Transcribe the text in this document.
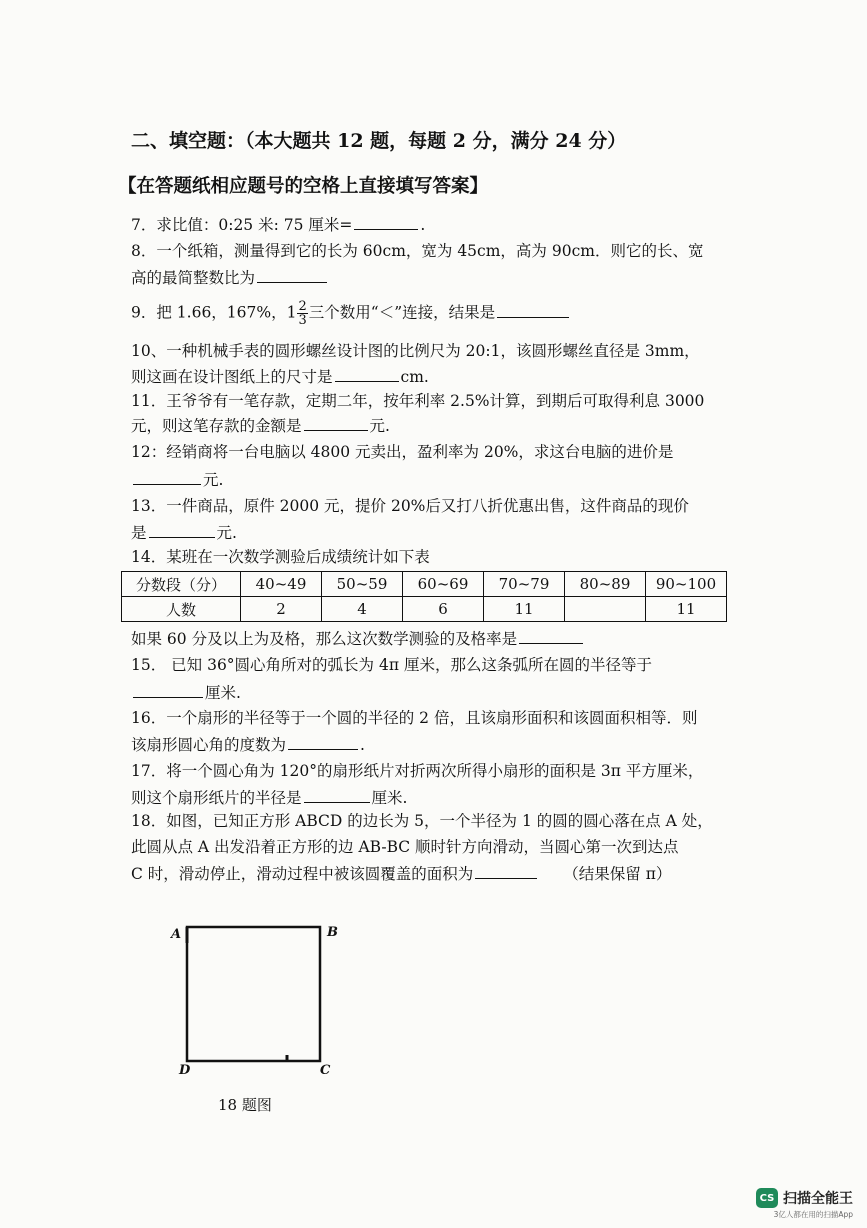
二、填空题：（本大题共 12 题，每题 2 分，满分 24 分）
【在答题纸相应题号的空格上直接填写答案】
7．求比值：0:25 米: 75 厘米=	.
8．一个纸箱，测量得到它的长为 60cm，宽为 45cm，高为 90cm．则它的长、宽
高的最简整数比为
9．把 1.66，167%，$1 \frac{2}{3}$ 三个数用“＜”连接，结果是
10、一种机械手表的圆形螺丝设计图的比例尺为 20:1，该圆形螺丝直径是 3mm，
则这画在设计图纸上的尺寸是	cm.
11．王爷爷有一笔存款，定期二年，按年利率 2.5%计算，到期后可取得利息 3000
元，则这笔存款的金额是	元.
12：经销商将一台电脑以 4800 元卖出，盈利率为 20%，求这台电脑的进价是
元.
13．一件商品，原件 2000 元，提价 20%后又打八折优惠出售，这件商品的现价
是	元.
14．某班在一次数学测验后成绩统计如下表
分数段（分）	40~49	50~59	60~69	70~79	80~89	90~100
人数	2	4	6	11		11
如果 60 分及以上为及格，那么这次数学测验的及格率是
15． 已知 36°圆心角所对的弧长为 4π 厘米，那么这条弧所在圆的半径等于
厘米.
16．一个扇形的半径等于一个圆的半径的 2 倍，且该扇形面积和该圆面积相等．则
该扇形圆心角的度数为	.
17．将一个圆心角为 120°的扇形纸片对折两次所得小扇形的面积是 3π 平方厘米，
则这个扇形纸片的半径是	厘米.
18．如图，已知正方形 ABCD 的边长为 5，一个半径为 1 的圆的圆心落在点 A 处，
此圆从点 A 出发沿着正方形的边 AB-BC 顺时针方向滑动，当圆心第一次到达点
C 时，滑动停止，滑动过程中被该圆覆盖的面积为	（结果保留 π）
A	B
C
D
18 题图
CS 扫描全能王
3亿人都在用的扫描App
